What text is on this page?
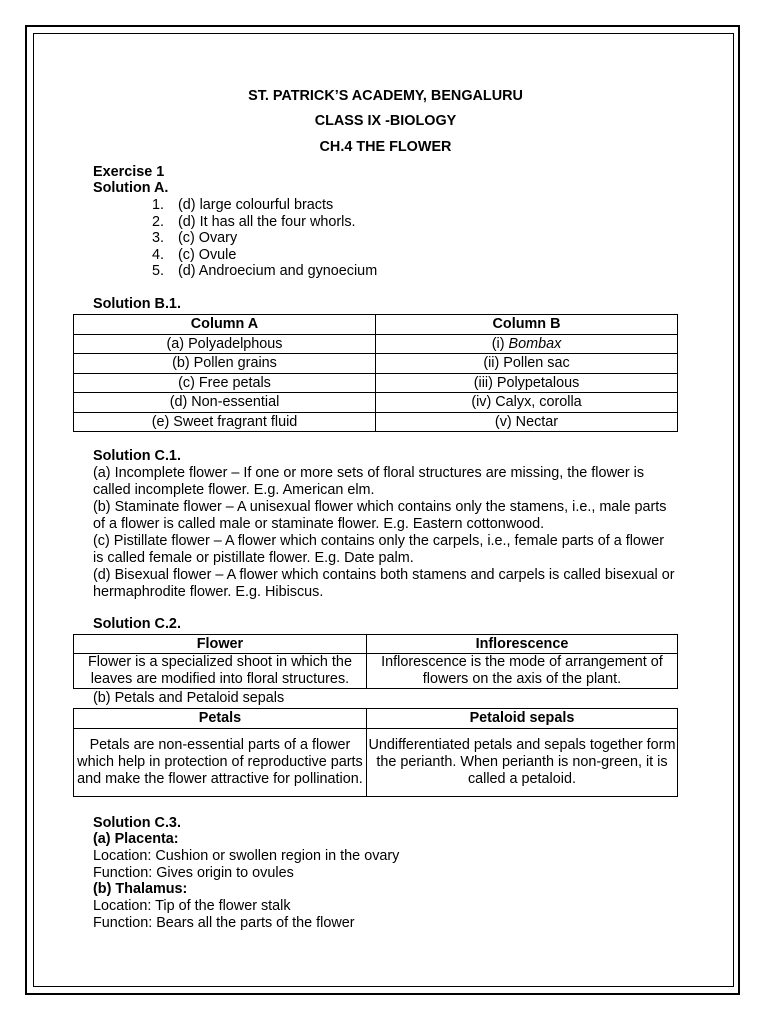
ST. PATRICK’S ACADEMY, BENGALURU
CLASS IX -BIOLOGY
CH.4 THE FLOWER
Exercise 1
Solution A.
1. (d) large colourful bracts
2. (d) It has all the four whorls.
3. (c) Ovary
4. (c) Ovule
5. (d) Androecium and gynoecium
Solution B.1.
Column A	Column B
(a) Polyadelphous	(i) Bombax
(b) Pollen grains	(ii) Pollen sac
(c) Free petals	(iii) Polypetalous
(d) Non-essential	(iv) Calyx, corolla
(e) Sweet fragrant fluid	(v) Nectar
Solution C.1.
(a) Incomplete flower – If one or more sets of floral structures are missing, the flower is called incomplete flower. E.g. American elm.
(b) Staminate flower – A unisexual flower which contains only the stamens, i.e., male parts of a flower is called male or staminate flower. E.g. Eastern cottonwood.
(c) Pistillate flower – A flower which contains only the carpels, i.e., female parts of a flower is called female or pistillate flower. E.g. Date palm.
(d) Bisexual flower – A flower which contains both stamens and carpels is called bisexual or hermaphrodite flower. E.g. Hibiscus.
Solution C.2.
Flower	Inflorescence
Flower is a specialized shoot in which the leaves are modified into floral structures.	Inflorescence is the mode of arrangement of flowers on the axis of the plant.
(b) Petals and Petaloid sepals
Petals	Petaloid sepals
Petals are non-essential parts of a flower which help in protection of reproductive parts and make the flower attractive for pollination.	Undifferentiated petals and sepals together form the perianth. When perianth is non-green, it is called a petaloid.
Solution C.3.
(a) Placenta:
Location: Cushion or swollen region in the ovary
Function: Gives origin to ovules
(b) Thalamus:
Location: Tip of the flower stalk
Function: Bears all the parts of the flower
